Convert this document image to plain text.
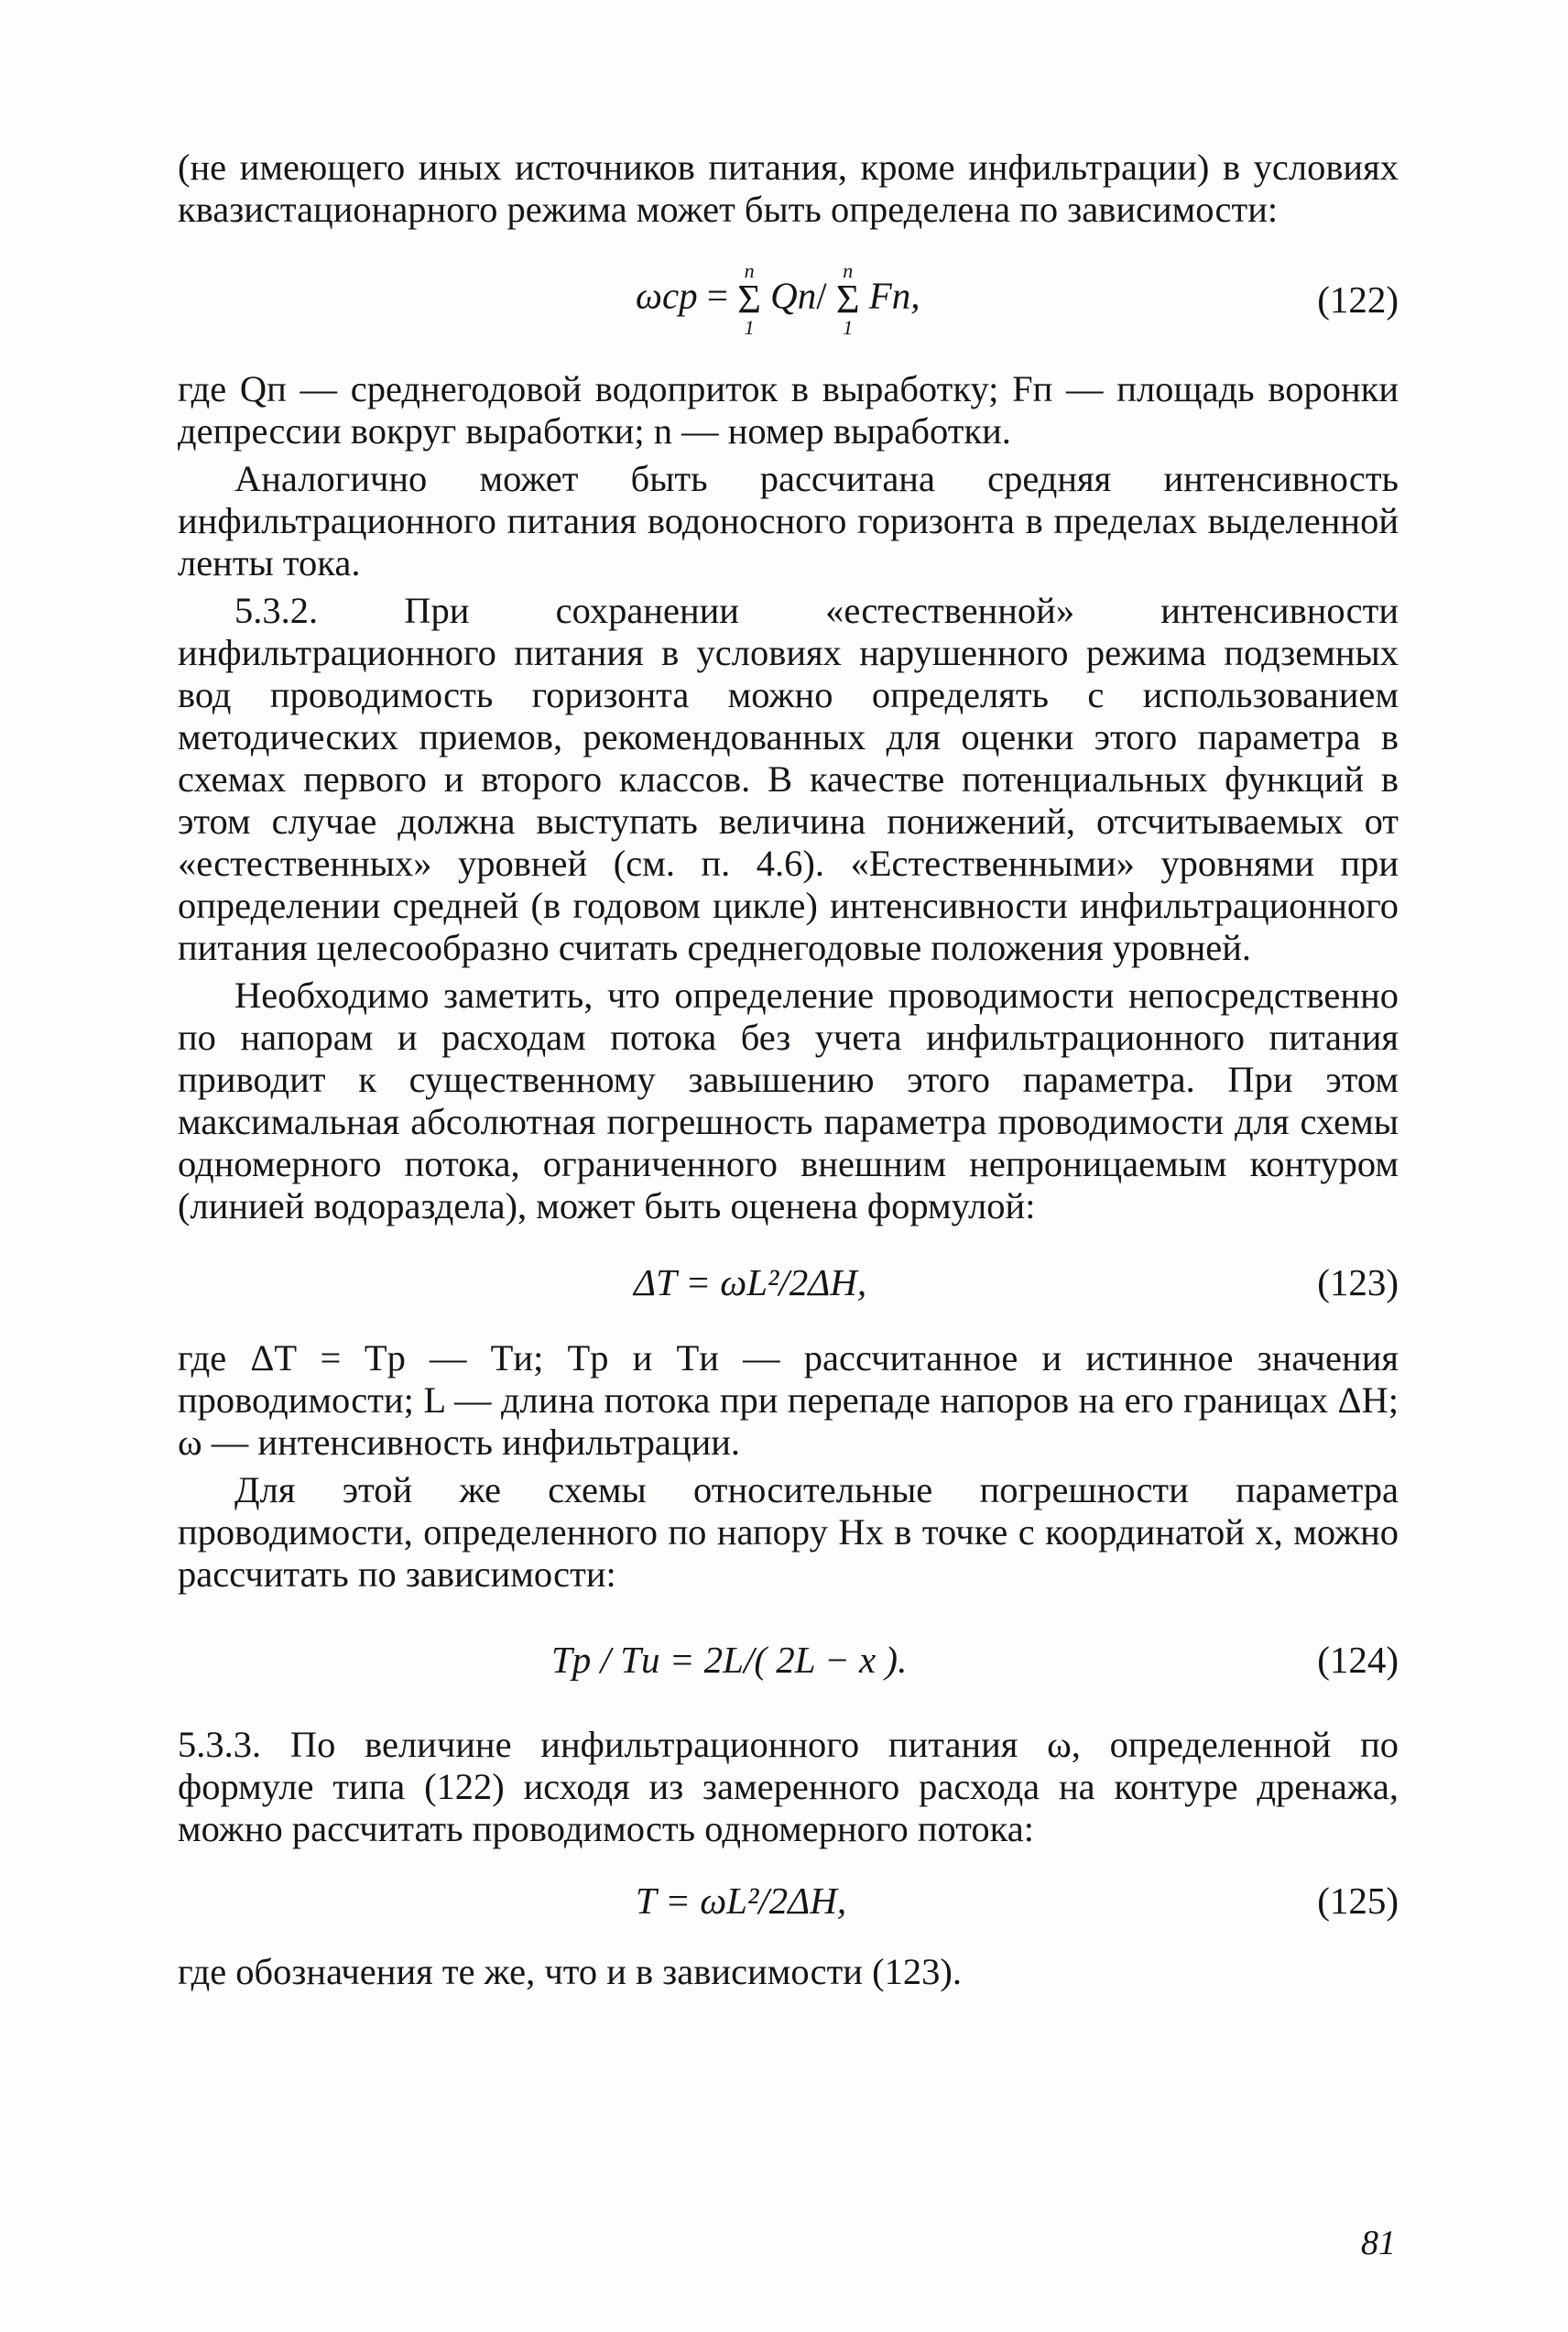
(не имеющего иных источников питания, кроме инфильтрации) в условиях квазистационарного режима может быть определена по зависимости:

ωср =
n
Σ
1
Qп/
n
Σ
1
Fп,	(122)

где Qп — среднегодовой водоприток в выработку; Fп — площадь воронки депрессии вокруг выработки; n — номер выработки.

Аналогично может быть рассчитана средняя интенсивность инфильтрационного питания водоносного горизонта в пределах выделенной ленты тока.

5.3.2. При сохранении «естественной» интенсивности инфильтрационного питания в условиях нарушенного режима подземных вод проводимость горизонта можно определять с использованием методических приемов, рекомендованных для оценки этого параметра в схемах первого и второго классов. В качестве потенциальных функций в этом случае должна выступать величина понижений, отсчитываемых от «естественных» уровней (см. п. 4.6). «Естественными» уровнями при определении средней (в годовом цикле) интенсивности инфильтрационного питания целесообразно считать среднегодовые положения уровней.

Необходимо заметить, что определение проводимости непосредственно по напорам и расходам потока без учета инфильтрационного питания приводит к существенному завышению этого параметра. При этом максимальная абсолютная погрешность параметра проводимости для схемы одномерного потока, ограниченного внешним непроницаемым контуром (линией водораздела), может быть оценена формулой:

ΔT = ωL²/2ΔH,	(123)

где ΔT = Tр — Tи; Tр и Tи — рассчитанное и истинное значения проводимости; L — длина потока при перепаде напоров на его границах ΔH; ω — интенсивность инфильтрации.

Для этой же схемы относительные погрешности параметра проводимости, определенного по напору Hx в точке с координатой x, можно рассчитать по зависимости:

Tр / Tи = 2L/( 2L − x ).	(124)

5.3.3. По величине инфильтрационного питания ω, определенной по формуле типа (122) исходя из замеренного расхода на контуре дренажа, можно рассчитать проводимость одномерного потока:

T = ωL²/2ΔH,	(125)

где обозначения те же, что и в зависимости (123).

81
